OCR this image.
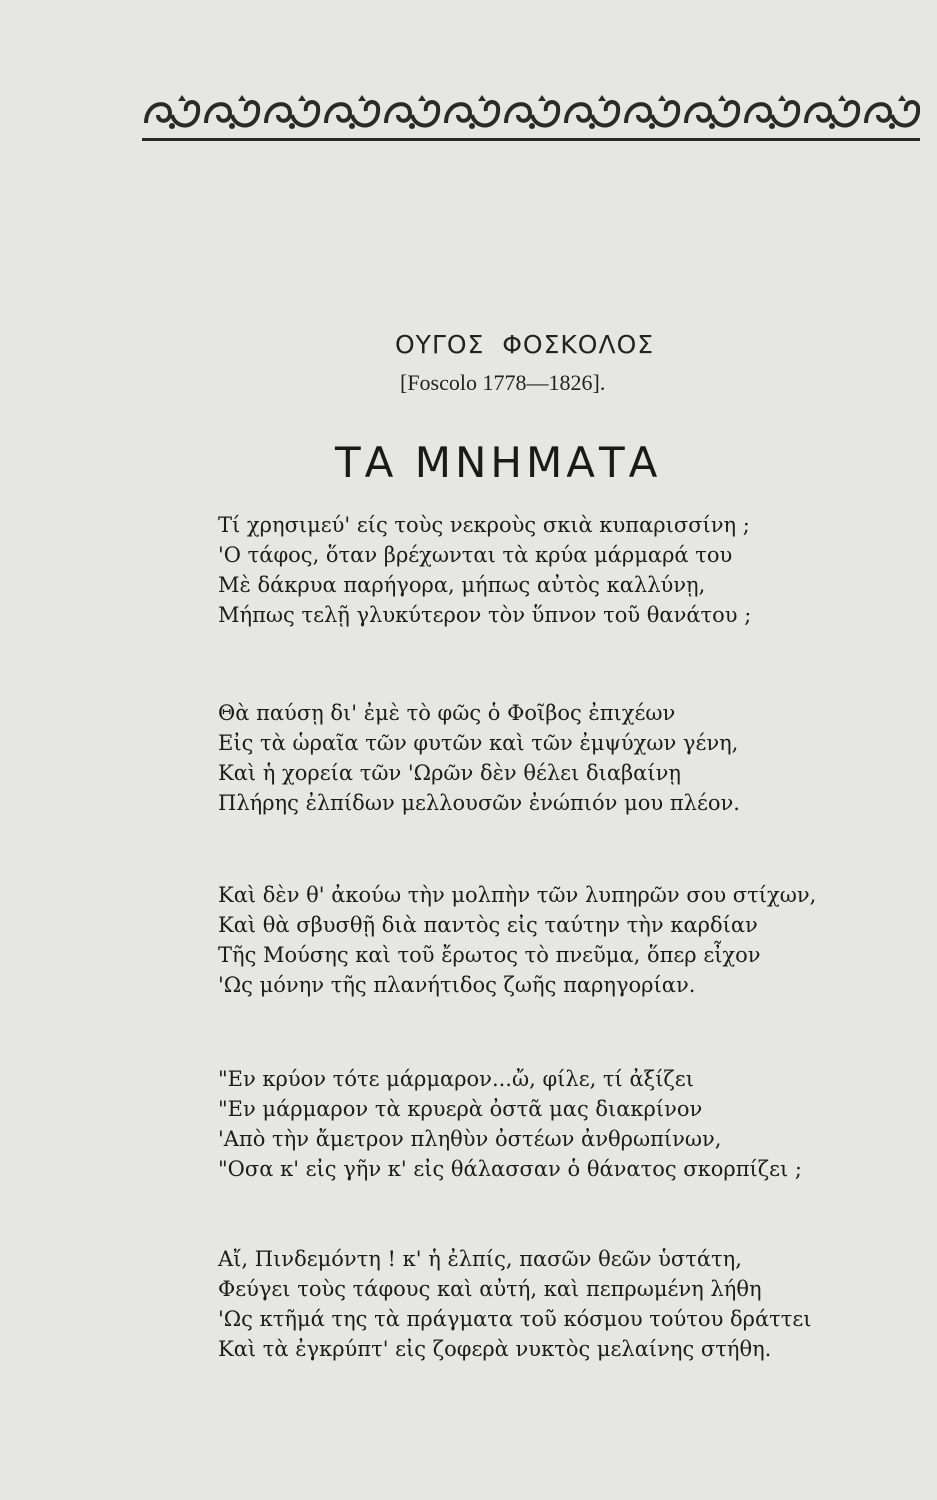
ΟΥΓΟΣ  ΦΟΣΚΟΛΟΣ
[Foscolo 1778—1826].
ΤΑ ΜΝΗΜΑΤΑ
Τί χρησιμεύ' είς τοὺς νεκροὺς σκιὰ κυπαρισσίνη ;
'Ο τάφος, ὅταν βρέχωνται τὰ κρύα μάρμαρά του
Μὲ δάκρυα παρήγορα, μήπως αὐτὸς καλλύνῃ,
Μήπως τελῇ γλυκύτερον τὸν ὕπνον τοῦ θανάτου ;
Θὰ παύσῃ δι' ἐμὲ τὸ φῶς ὁ Φοῖβος ἐπιχέων
Εἰς τὰ ὡραῖα τῶν φυτῶν καὶ τῶν ἐμψύχων γένη,
Καὶ ἡ χορεία τῶν 'Ωρῶν δὲν θέλει διαβαίνῃ
Πλήρης ἐλπίδων μελλουσῶν ἐνώπιόν μου πλέον.
Καὶ δὲν θ' ἀκούω τὴν μολπὴν τῶν λυπηρῶν σου στίχων,
Καὶ θὰ σβυσθῇ διὰ παντὸς εἰς ταύτην τὴν καρδίαν
Τῆς Μούσης καὶ τοῦ ἔρωτος τὸ πνεῦμα, ὅπερ εἶχον
'Ως μόνην τῆς πλανήτιδος ζωῆς παρηγορίαν.
"Εν κρύον τότε μάρμαρον...ὤ, φίλε, τί ἀξίζει
"Εν μάρμαρον τὰ κρυερὰ ὀστᾶ μας διακρίνον
'Απὸ τὴν ἄμετρον πληθὺν ὀστέων ἀνθρωπίνων,
"Οσα κ' εἰς γῆν κ' εἰς θάλασσαν ὁ θάνατος σκορπίζει ;
Αἴ, Πινδεμόντη ! κ' ἡ ἐλπίς, πασῶν θεῶν ὑστάτη,
Φεύγει τοὺς τάφους καὶ αὐτή, καὶ πεπρωμένη λήθη
'Ως κτῆμά της τὰ πράγματα τοῦ κόσμου τούτου δράττει
Καὶ τὰ ἐγκρύπτ' εἰς ζοφερὰ νυκτὸς μελαίνης στήθη.
